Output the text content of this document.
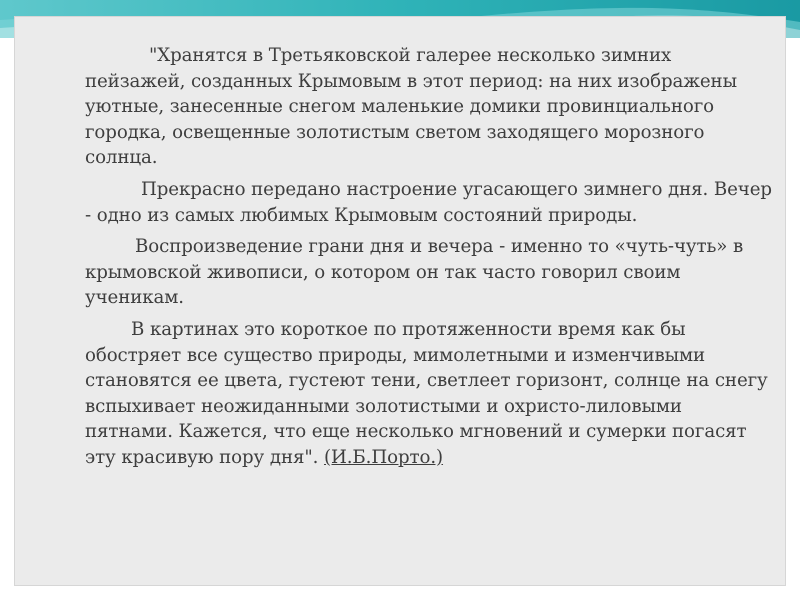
"Хранятся в Третьяковской галерее несколько зимних пейзажей, созданных Крымовым в этот период: на них изображены уютные, занесенные снегом маленькие домики провинциального городка, освещенные золотистым светом заходящего морозного солнца.

Прекрасно передано настроение угасающего зимнего дня. Вечер - одно из самых любимых Крымовым состояний природы.

Воспроизведение грани дня и вечера - именно то «чуть-чуть» в крымовской живописи, о котором он так часто говорил своим ученикам.

В картинах это короткое по протяженности время как бы обостряет все существо природы, мимолетными и изменчивыми становятся ее цвета, густеют тени, светлеет горизонт, солнце на снегу вспыхивает неожиданными золотистыми и охристо-лиловыми пятнами. Кажется, что еще несколько мгновений и сумерки погасят эту красивую пору дня". (И.Б.Порто.)
